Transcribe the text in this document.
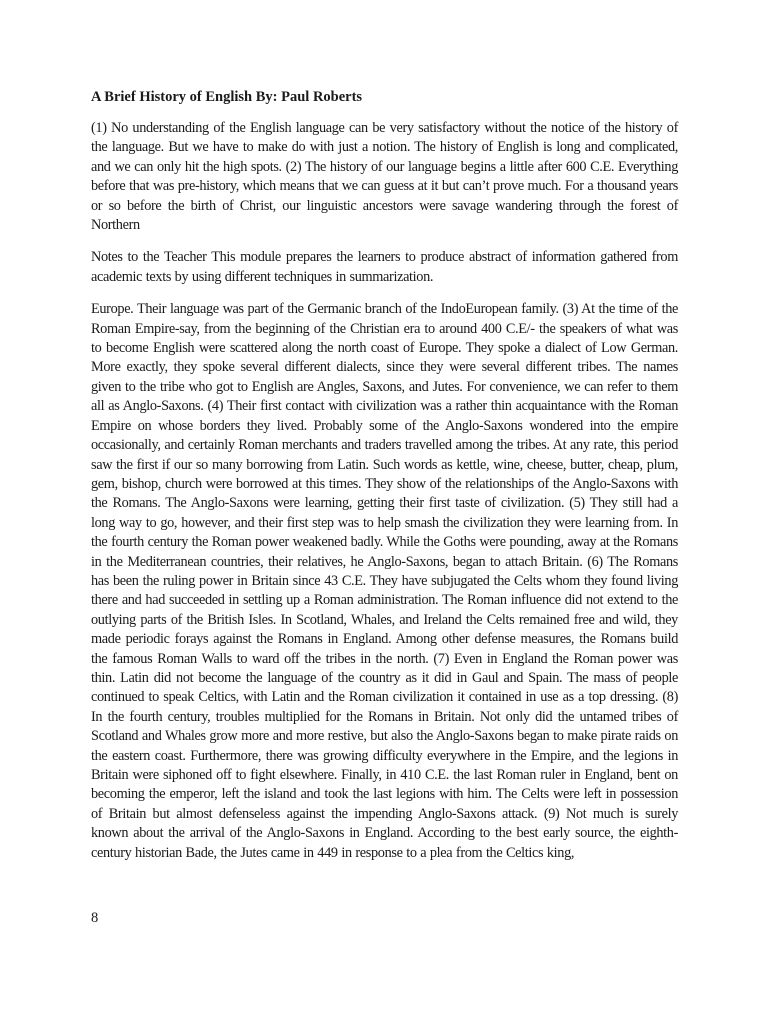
A Brief History of English By: Paul Roberts

(1) No understanding of the English language can be very satisfactory without the notice of the history of the language. But we have to make do with just a notion. The history of English is long and complicated, and we can only hit the high spots. (2) The history of our language begins a little after 600 C.E. Everything before that was pre-history, which means that we can guess at it but can’t prove much. For a thousand years or so before the birth of Christ, our linguistic ancestors were savage wandering through the forest of Northern

Notes to the Teacher This module prepares the learners to produce abstract of information gathered from academic texts by using different techniques in summarization.

Europe. Their language was part of the Germanic branch of the IndoEuropean family. (3) At the time of the Roman Empire-say, from the beginning of the Christian era to around 400 C.E/- the speakers of what was to become English were scattered along the north coast of Europe. They spoke a dialect of Low German. More exactly, they spoke several different dialects, since they were several different tribes. The names given to the tribe who got to English are Angles, Saxons, and Jutes. For convenience, we can refer to them all as Anglo-Saxons. (4) Their first contact with civilization was a rather thin acquaintance with the Roman Empire on whose borders they lived. Probably some of the Anglo-Saxons wondered into the empire occasionally, and certainly Roman merchants and traders travelled among the tribes. At any rate, this period saw the first if our so many borrowing from Latin. Such words as kettle, wine, cheese, butter, cheap, plum, gem, bishop, church were borrowed at this times. They show of the relationships of the Anglo-Saxons with the Romans. The Anglo-Saxons were learning, getting their first taste of civilization. (5) They still had a long way to go, however, and their first step was to help smash the civilization they were learning from. In the fourth century the Roman power weakened badly. While the Goths were pounding, away at the Romans in the Mediterranean countries, their relatives, he Anglo-Saxons, began to attach Britain. (6) The Romans has been the ruling power in Britain since 43 C.E. They have subjugated the Celts whom they found living there and had succeeded in settling up a Roman administration. The Roman influence did not extend to the outlying parts of the British Isles. In Scotland, Whales, and Ireland the Celts remained free and wild, they made periodic forays against the Romans in England. Among other defense measures, the Romans build the famous Roman Walls to ward off the tribes in the north. (7) Even in England the Roman power was thin. Latin did not become the language of the country as it did in Gaul and Spain. The mass of people continued to speak Celtics, with Latin and the Roman civilization it contained in use as a top dressing. (8) In the fourth century, troubles multiplied for the Romans in Britain. Not only did the untamed tribes of Scotland and Whales grow more and more restive, but also the Anglo-Saxons began to make pirate raids on the eastern coast. Furthermore, there was growing difficulty everywhere in the Empire, and the legions in Britain were siphoned off to fight elsewhere. Finally, in 410 C.E. the last Roman ruler in England, bent on becoming the emperor, left the island and took the last legions with him. The Celts were left in possession of Britain but almost defenseless against the impending Anglo-Saxons attack. (9) Not much is surely known about the arrival of the Anglo-Saxons in England. According to the best early source, the eighth-century historian Bade, the Jutes came in 449 in response to a plea from the Celtics king,

8
